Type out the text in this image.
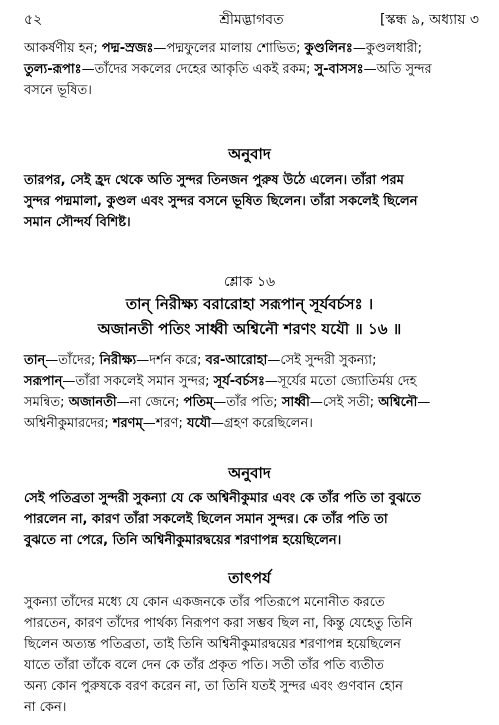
৫২	শ্রীমদ্ভাগবত	[স্কন্ধ ৯, অধ্যায় ৩
আকর্ষণীয় হন; পদ্ম-স্রজঃ—পদ্মফুলের মালায় শোভিত; কুণ্ডলিনঃ—কুণ্ডলধারী;
তুল্য-রূপাঃ—তাঁদের সকলের দেহের আকৃতি একই রকম; সু-বাসসঃ—অতি সুন্দর
বসনে ভূষিত।
অনুবাদ
তারপর, সেই হ্রদ থেকে অতি সুন্দর তিনজন পুরুষ উঠে এলেন। তাঁরা পরম
সুন্দর পদ্মমালা, কুণ্ডল এবং সুন্দর বসনে ভূষিত ছিলেন। তাঁরা সকলেই ছিলেন
সমান সৌন্দর্য বিশিষ্ট।
শ্লোক ১৬
তান্ নিরীক্ষ্য বরারোহা সরূপান্ সূর্যবর্চসঃ ।
অজানতী পতিং সাধ্বী অশ্বিনৌ শরণং যযৌ ॥ ১৬ ॥
তান্—তাঁদের; নিরীক্ষ্য—দর্শন করে; বর-আরোহা—সেই সুন্দরী সুকন্যা;
সরূপান্—তাঁরা সকলেই সমান সুন্দর; সূর্য-বর্চসঃ—সূর্যের মতো জ্যোতির্ময় দেহ
সমন্বিত; অজানতী—না জেনে; পতিম্—তাঁর পতি; সাধ্বী—সেই সতী; অশ্বিনৌ—
অশ্বিনীকুমারদের; শরণম্—শরণ; যযৌ—গ্রহণ করেছিলেন।
অনুবাদ
সেই পতিব্রতা সুন্দরী সুকন্যা যে কে অশ্বিনীকুমার এবং কে তাঁর পতি তা বুঝতে
পারলেন না, কারণ তাঁরা সকলেই ছিলেন সমান সুন্দর। কে তাঁর পতি তা
বুঝতে না পেরে, তিনি অশ্বিনীকুমারদ্বয়ের শরণাপন্ন হয়েছিলেন।
তাৎপর্য
সুকন্যা তাঁদের মধ্যে যে কোন একজনকে তাঁর পতিরূপে মনোনীত করতে
পারতেন, কারণ তাঁদের পার্থক্য নিরূপণ করা সম্ভব ছিল না, কিন্তু যেহেতু তিনি
ছিলেন অত্যন্ত পতিব্রতা, তাই তিনি অশ্বিনীকুমারদ্বয়ের শরণাপন্ন হয়েছিলেন
যাতে তাঁরা তাঁকে বলে দেন কে তাঁর প্রকৃত পতি। সতী তাঁর পতি ব্যতীত
অন্য কোন পুরুষকে বরণ করেন না, তা তিনি যতই সুন্দর এবং গুণবান হোন
না কেন।
